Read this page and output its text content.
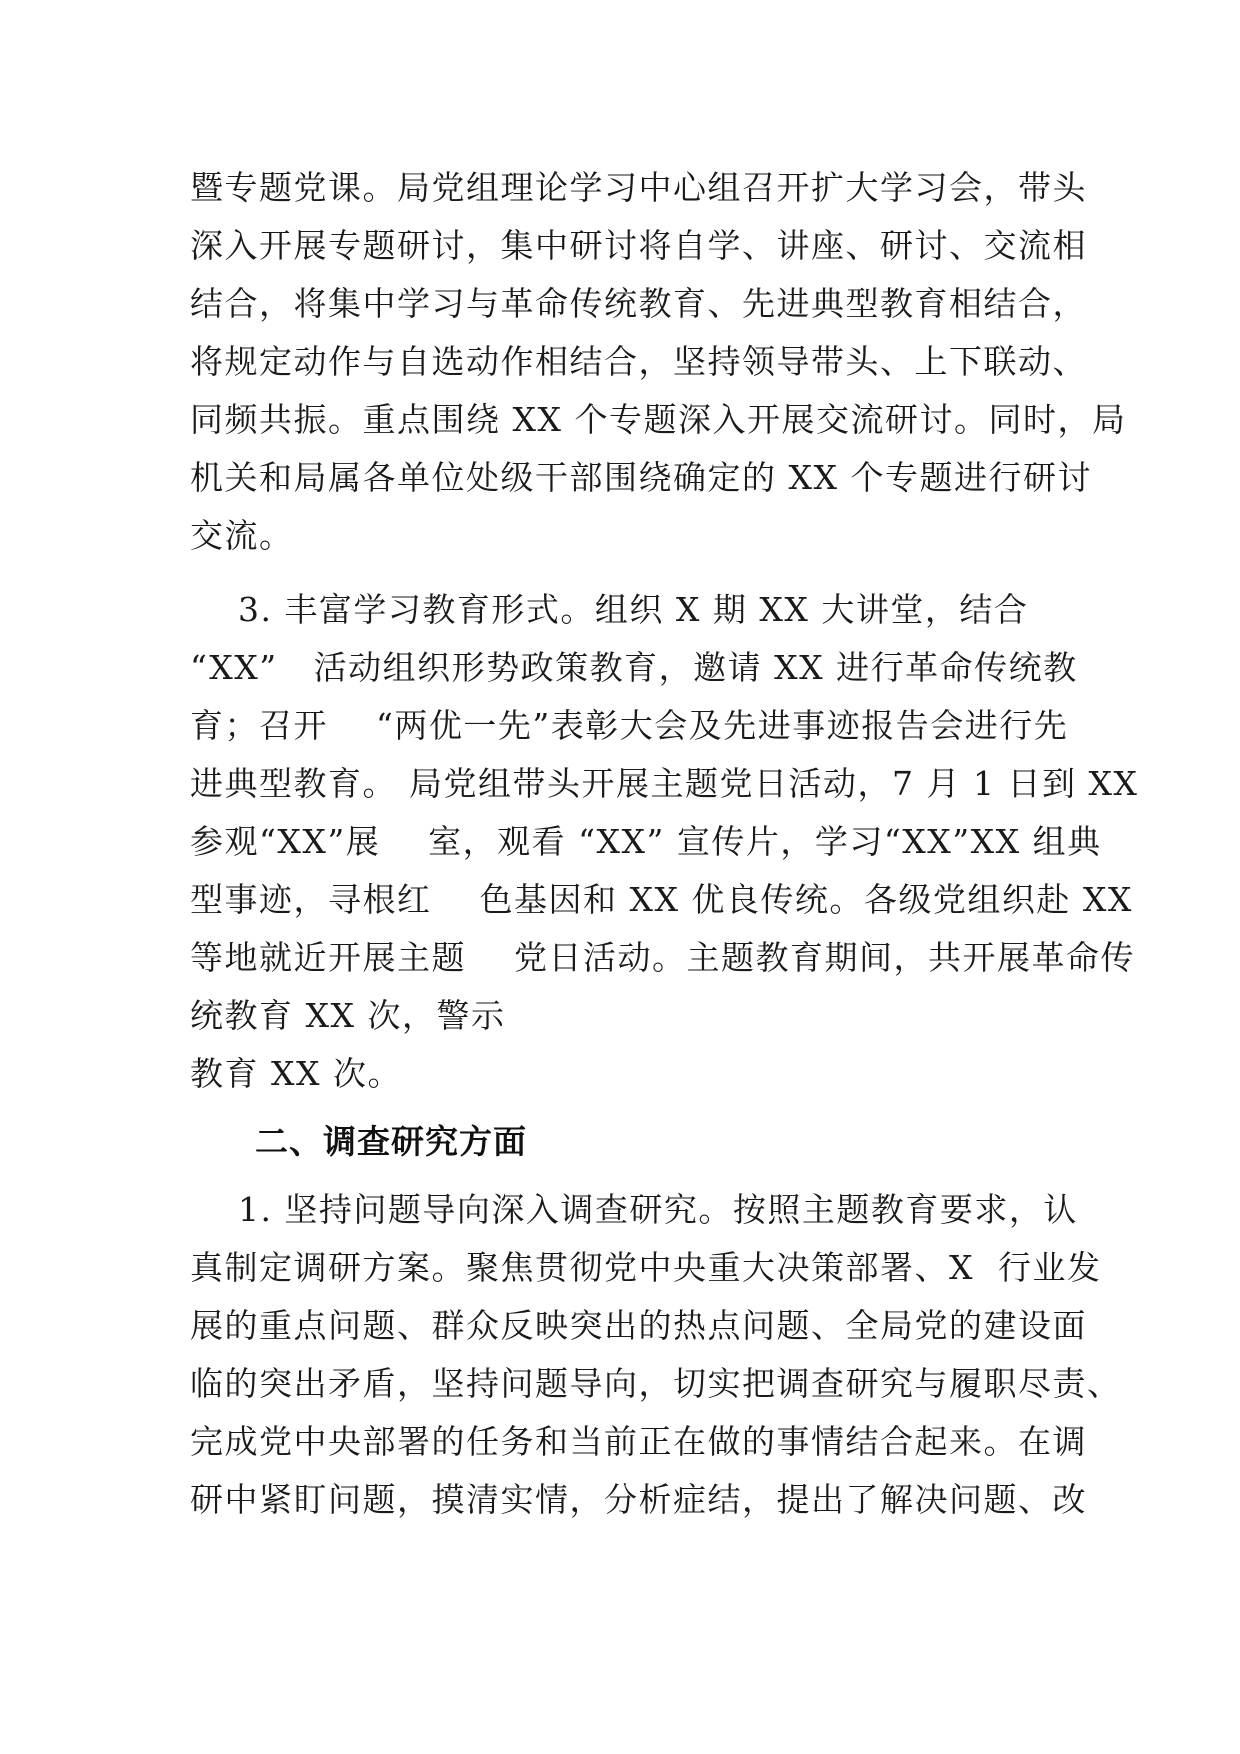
暨专题党课。局党组理论学习中心组召开扩大学习会，带头
深入开展专题研讨，集中研讨将自学、讲座、研讨、交流相
结合，将集中学习与革命传统教育、先进典型教育相结合，
将规定动作与自选动作相结合，坚持领导带头、上下联动、
同频共振。重点围绕 XX 个专题深入开展交流研讨。同时，局
机关和局属各单位处级干部围绕确定的 XX 个专题进行研讨
交流。
3. 丰富学习教育形式。组织 X 期 XX 大讲堂，结合
“XX”   活动组织形势政策教育，邀请 XX 进行革命传统教
育；召开    “两优一先”表彰大会及先进事迹报告会进行先
进典型教育。 局党组带头开展主题党日活动，7 月 1 日到 XX
参观“XX”展    室，观看 “XX” 宣传片，学习“XX”XX 组典
型事迹，寻根红    色基因和 XX 优良传统。各级党组织赴 XX
等地就近开展主题    党日活动。主题教育期间，共开展革命传
统教育 XX 次，警示
教育 XX 次。
二、调查研究方面
1. 坚持问题导向深入调查研究。按照主题教育要求，认
真制定调研方案。聚焦贯彻党中央重大决策部署、X  行业发
展的重点问题、群众反映突出的热点问题、全局党的建设面
临的突出矛盾，坚持问题导向，切实把调查研究与履职尽责、
完成党中央部署的任务和当前正在做的事情结合起来。在调
研中紧盯问题，摸清实情，分析症结，提出了解决问题、改
